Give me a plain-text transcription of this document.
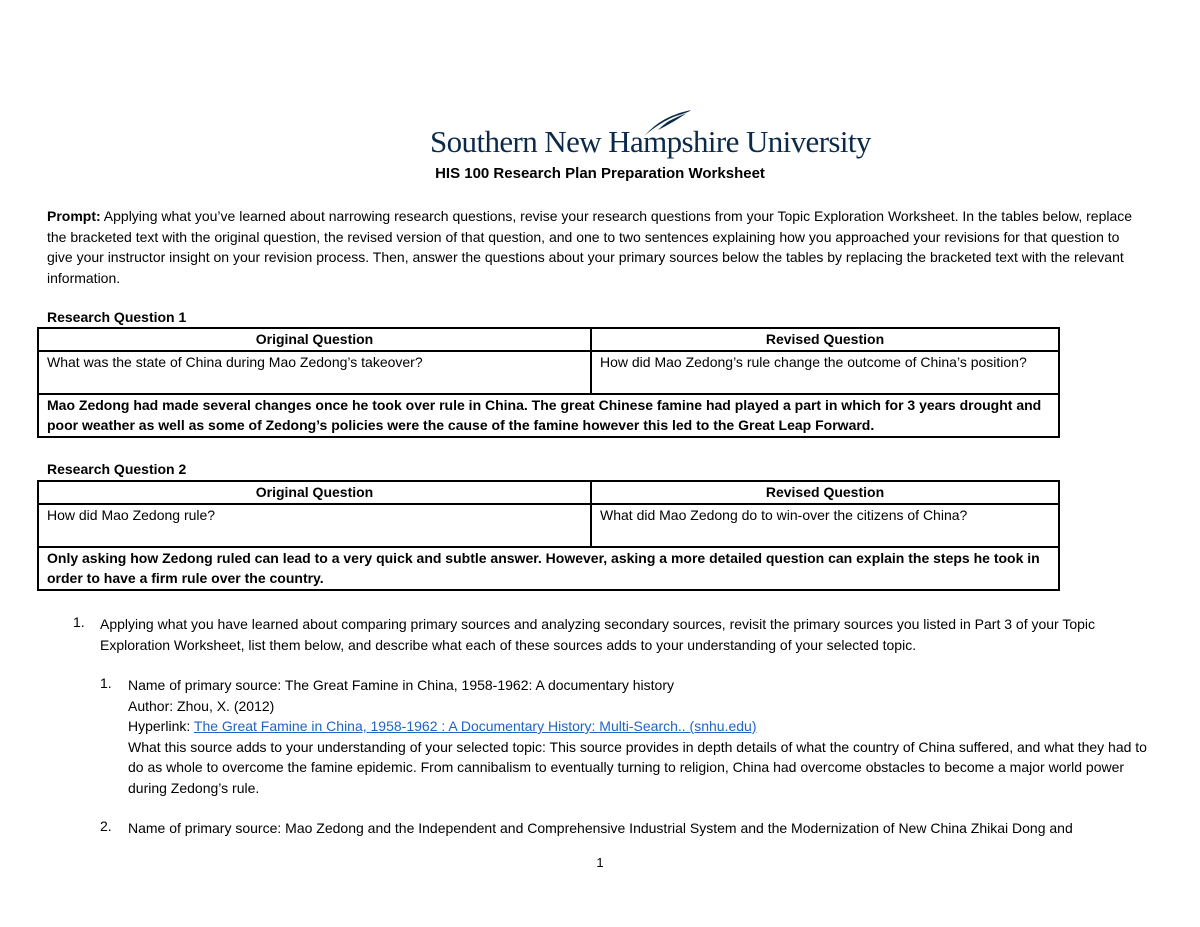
Southern New Hampshire University
HIS 100 Research Plan Preparation Worksheet
Prompt: Applying what you’ve learned about narrowing research questions, revise your research questions from your Topic Exploration Worksheet. In the tables below, replace the bracketed text with the original question, the revised version of that question, and one to two sentences explaining how you approached your revisions for that question to give your instructor insight on your revision process. Then, answer the questions about your primary sources below the tables by replacing the bracketed text with the relevant information.
Research Question 1
Original Question	Revised Question
What was the state of China during Mao Zedong’s takeover?	How did Mao Zedong’s rule change the outcome of China’s position?
Mao Zedong had made several changes once he took over rule in China. The great Chinese famine had played a part in which for 3 years drought and poor weather as well as some of Zedong’s policies were the cause of the famine however this led to the Great Leap Forward.	
Research Question 2
Original Question	Revised Question
How did Mao Zedong rule?	What did Mao Zedong do to win-over the citizens of China?
Only asking how Zedong ruled can lead to a very quick and subtle answer. However, asking a more detailed question can explain the steps he took in order to have a firm rule over the country.	
1. Applying what you have learned about comparing primary sources and analyzing secondary sources, revisit the primary sources you listed in Part 3 of your Topic Exploration Worksheet, list them below, and describe what each of these sources adds to your understanding of your selected topic.
1. Name of primary source: The Great Famine in China, 1958-1962: A documentary history
Author: Zhou, X. (2012)
Hyperlink: The Great Famine in China, 1958-1962 : A Documentary History: Multi-Search.. (snhu.edu)
What this source adds to your understanding of your selected topic: This source provides in depth details of what the country of China suffered, and what they had to do as whole to overcome the famine epidemic. From cannibalism to eventually turning to religion, China had overcome obstacles to become a major world power during Zedong’s rule.
2. Name of primary source: Mao Zedong and the Independent and Comprehensive Industrial System and the Modernization of New China Zhikai Dong and
1
